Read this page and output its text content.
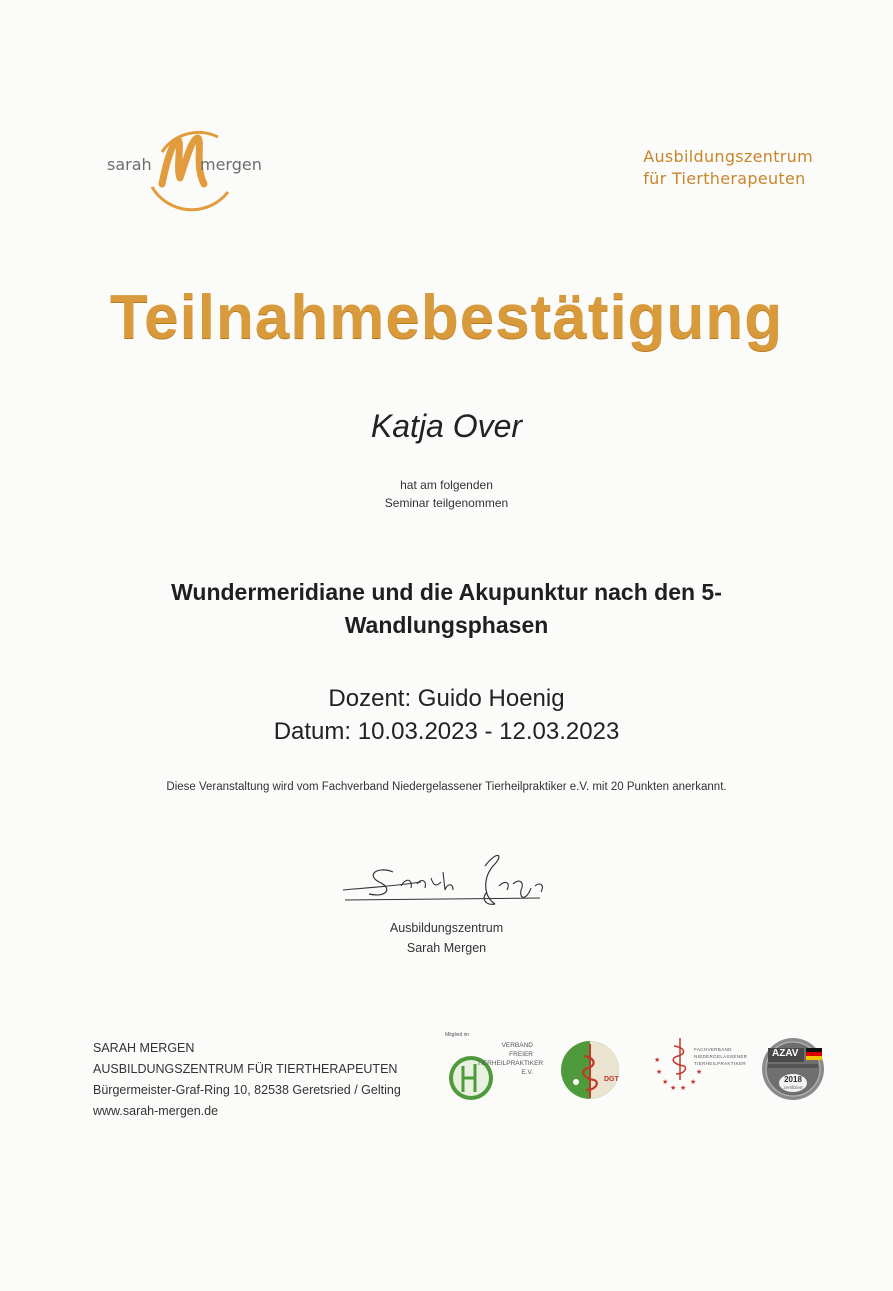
sarah	mergen	Ausbildungszentrum
für Tiertherapeuten
Teilnahmebestätigung
Katja Over
hat am folgenden
Seminar teilgenommen
Wundermeridiane und die Akupunktur nach den 5-
Wandlungsphasen
Dozent: Guido Hoenig
Datum: 10.03.2023 - 12.03.2023
Diese Veranstaltung wird vom Fachverband Niedergelassener Tierheilpraktiker e.V. mit 20 Punkten anerkannt.
Ausbildungszentrum
Sarah Mergen
SARAH MERGEN
AUSBILDUNGSZENTRUM FÜR TIERTHERAPEUTEN
Bürgermeister-Graf-Ring 10, 82538 Geretsried / Gelting
www.sarah-mergen.de
Mitglied im
VERBAND FREIER
TIERHEILPRAKTIKER
E.V.
DGT
★
★
★
★ ★
★
★
FACHVERBAND
NIEDERGELASSENER
TIERHEILPRAKTIKER
AZAV
2018
zertifiziert
